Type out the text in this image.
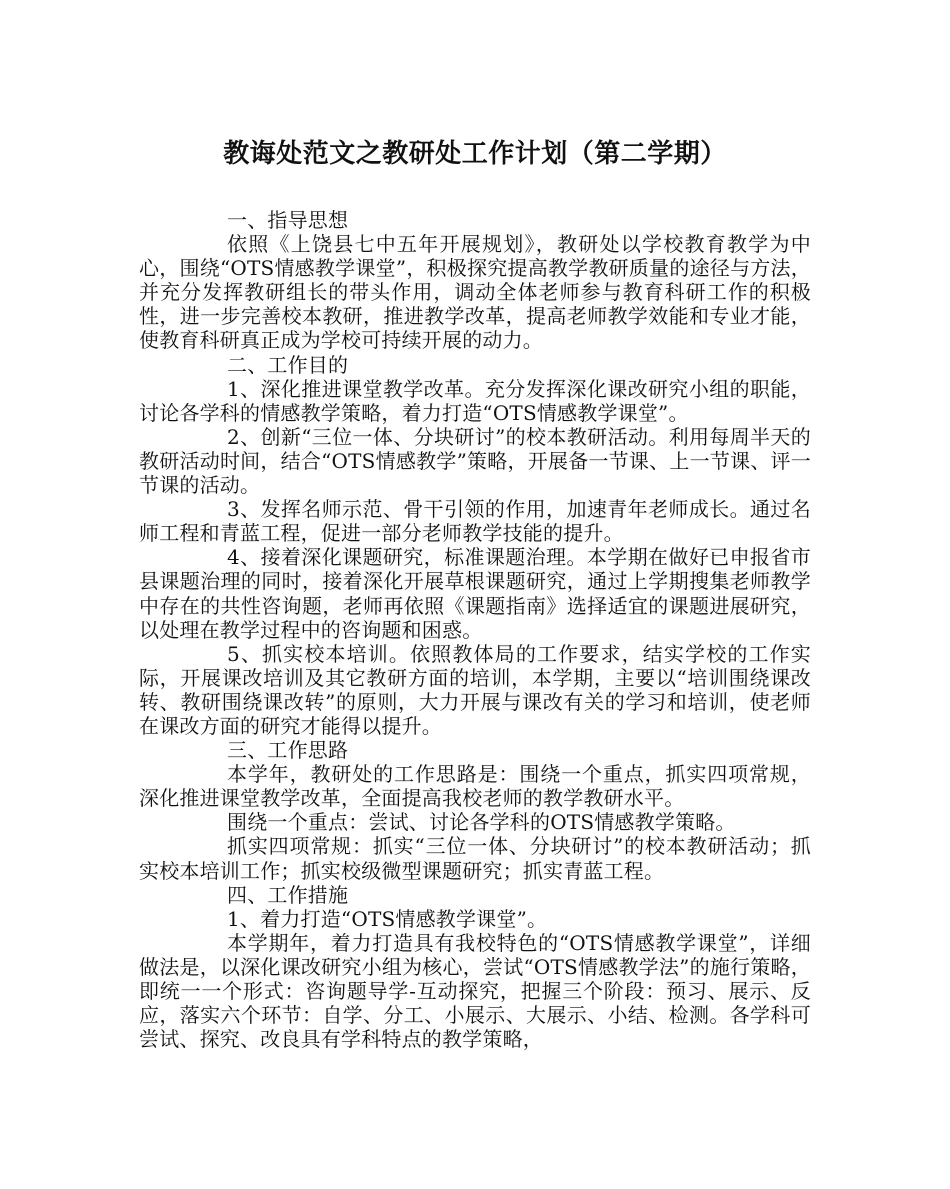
教诲处范文之教研处工作计划（第二学期）

一、指导思想

依照《上饶县七中五年开展规划》，教研处以学校教育教学为中心，围绕“OTS情感教学课堂”，积极探究提高教学教研质量的途径与方法，并充分发挥教研组长的带头作用，调动全体老师参与教育科研工作的积极性，进一步完善校本教研，推进教学改革，提高老师教学效能和专业才能，使教育科研真正成为学校可持续开展的动力。

二、工作目的

1、深化推进课堂教学改革。充分发挥深化课改研究小组的职能，讨论各学科的情感教学策略，着力打造“OTS情感教学课堂”。

2、创新“三位一体、分块研讨”的校本教研活动。利用每周半天的教研活动时间，结合“OTS情感教学”策略，开展备一节课、上一节课、评一节课的活动。

3、发挥名师示范、骨干引领的作用，加速青年老师成长。通过名师工程和青蓝工程，促进一部分老师教学技能的提升。

4、接着深化课题研究，标准课题治理。本学期在做好已申报省市县课题治理的同时，接着深化开展草根课题研究，通过上学期搜集老师教学中存在的共性咨询题，老师再依照《课题指南》选择适宜的课题进展研究，以处理在教学过程中的咨询题和困惑。

5、抓实校本培训。依照教体局的工作要求，结实学校的工作实际，开展课改培训及其它教研方面的培训，本学期，主要以“培训围绕课改转、教研围绕课改转”的原则，大力开展与课改有关的学习和培训，使老师在课改方面的研究才能得以提升。

三、工作思路

本学年，教研处的工作思路是：围绕一个重点，抓实四项常规，深化推进课堂教学改革，全面提高我校老师的教学教研水平。

围绕一个重点：尝试、讨论各学科的OTS情感教学策略。

抓实四项常规：抓实“三位一体、分块研讨”的校本教研活动；抓实校本培训工作；抓实校级微型课题研究；抓实青蓝工程。

四、工作措施

1、着力打造“OTS情感教学课堂”。

本学期年，着力打造具有我校特色的“OTS情感教学课堂”，详细做法是，以深化课改研究小组为核心，尝试“OTS情感教学法”的施行策略，即统一一个形式：咨询题导学-互动探究，把握三个阶段：预习、展示、反应，落实六个环节：自学、分工、小展示、大展示、小结、检测。各学科可尝试、探究、改良具有学科特点的教学策略，
